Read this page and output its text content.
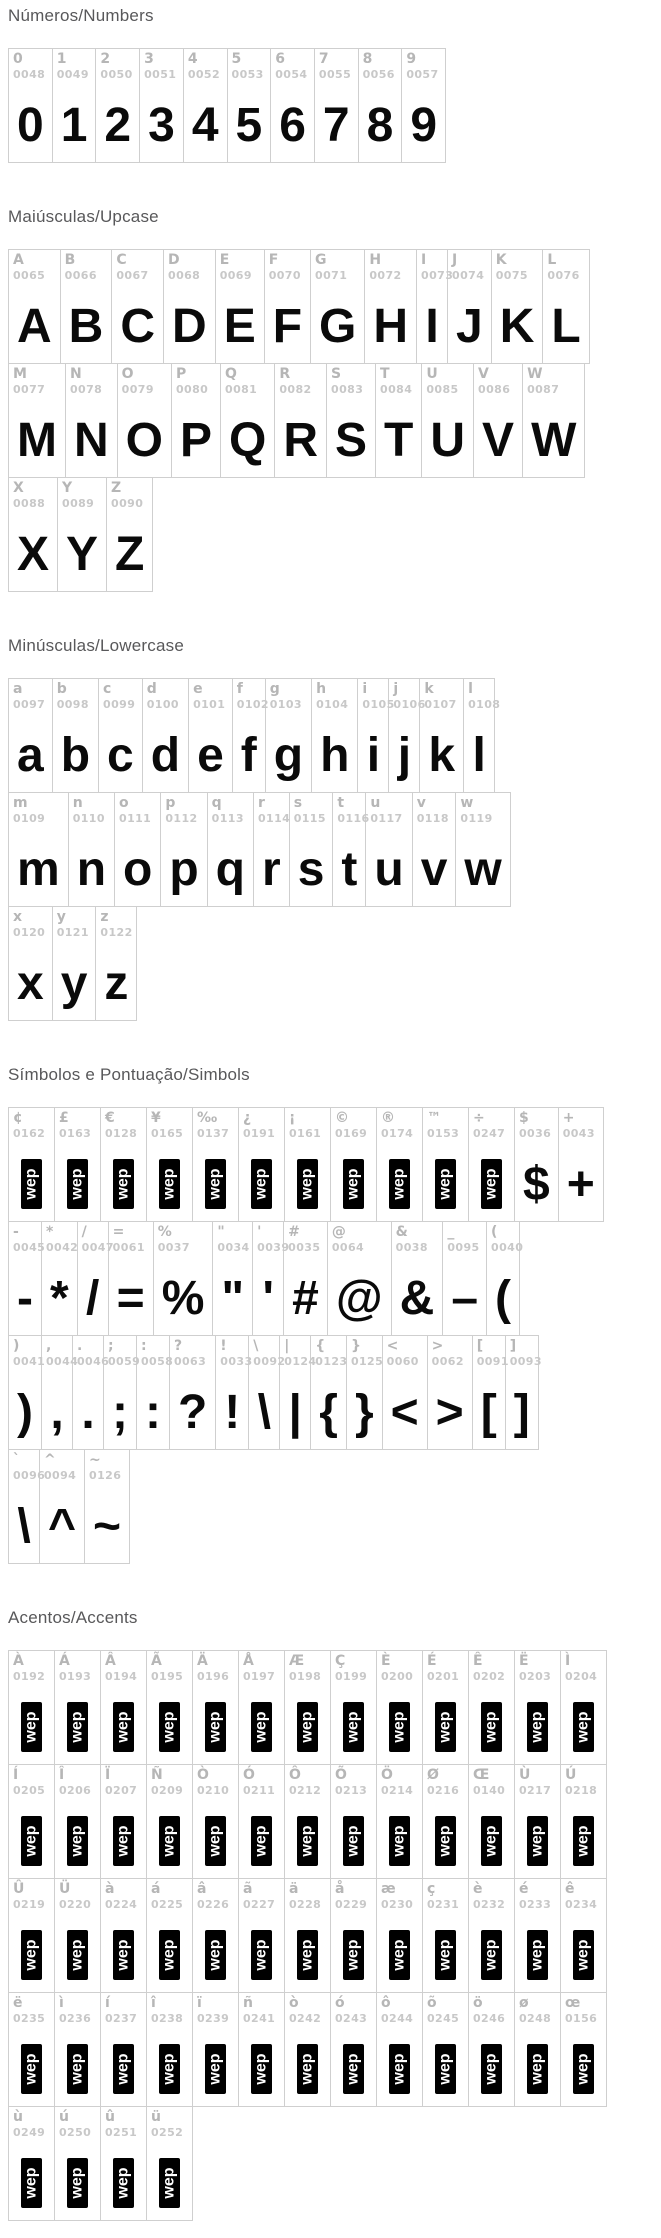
Números/Numbers
0
0048
0
1
0049
1
2
0050
2
3
0051
3
4
0052
4
5
0053
5
6
0054
6
7
0055
7
8
0056
8
9
0057
9
Maiúsculas/Upcase
A
0065
A
B
0066
B
C
0067
C
D
0068
D
E
0069
E
F
0070
F
G
0071
G
H
0072
H
I
0073
I
J
0074
J
K
0075
K
L
0076
L
M
0077
M
N
0078
N
O
0079
O
P
0080
P
Q
0081
Q
R
0082
R
S
0083
S
T
0084
T
U
0085
U
V
0086
V
W
0087
W
X
0088
X
Y
0089
Y
Z
0090
Z
Minúsculas/Lowercase
a
0097
a
b
0098
b
c
0099
c
d
0100
d
e
0101
e
f
0102
f
g
0103
g
h
0104
h
i
0105
i
j
0106
j
k
0107
k
l
0108
l
m
0109
m
n
0110
n
o
0111
o
p
0112
p
q
0113
q
r
0114
r
s
0115
s
t
0116
t
u
0117
u
v
0118
v
w
0119
w
x
0120
x
y
0121
y
z
0122
z
Símbolos e Pontuação/Simbols
¢
0162
wep
£
0163
wep
€
0128
wep
¥
0165
wep
‰
0137
wep
¿
0191
wep
¡
0161
wep
©
0169
wep
®
0174
wep
™
0153
wep
÷
0247
wep
$
0036
$
+
0043
+
-
0045
-
*
0042
*
/
0047
/
=
0061
=
%
0037
%
"
0034
"
'
0039
'
#
0035
#
@
0064
@
&
0038
&
_
0095
–
(
0040
(
)
0041
)
,
0044
,
.
0046
.
;
0059
;
:
0058
:
?
0063
?
!
0033
!
\
0092
\
|
0124
|
{
0123
{
}
0125
}
<
0060
<
>
0062
>
[
0091
[
]
0093
]
`
0096
\
^
0094
^
~
0126
~
Acentos/Accents
À
0192
wep
Á
0193
wep
Â
0194
wep
Ã
0195
wep
Ä
0196
wep
Å
0197
wep
Æ
0198
wep
Ç
0199
wep
È
0200
wep
É
0201
wep
Ê
0202
wep
Ë
0203
wep
Ì
0204
wep
Í
0205
wep
Î
0206
wep
Ï
0207
wep
Ñ
0209
wep
Ò
0210
wep
Ó
0211
wep
Ô
0212
wep
Õ
0213
wep
Ö
0214
wep
Ø
0216
wep
Œ
0140
wep
Ù
0217
wep
Ú
0218
wep
Û
0219
wep
Ü
0220
wep
à
0224
wep
á
0225
wep
â
0226
wep
ã
0227
wep
ä
0228
wep
å
0229
wep
æ
0230
wep
ç
0231
wep
è
0232
wep
é
0233
wep
ê
0234
wep
ë
0235
wep
ì
0236
wep
í
0237
wep
î
0238
wep
ï
0239
wep
ñ
0241
wep
ò
0242
wep
ó
0243
wep
ô
0244
wep
õ
0245
wep
ö
0246
wep
ø
0248
wep
œ
0156
wep
ù
0249
wep
ú
0250
wep
û
0251
wep
ü
0252
wep
